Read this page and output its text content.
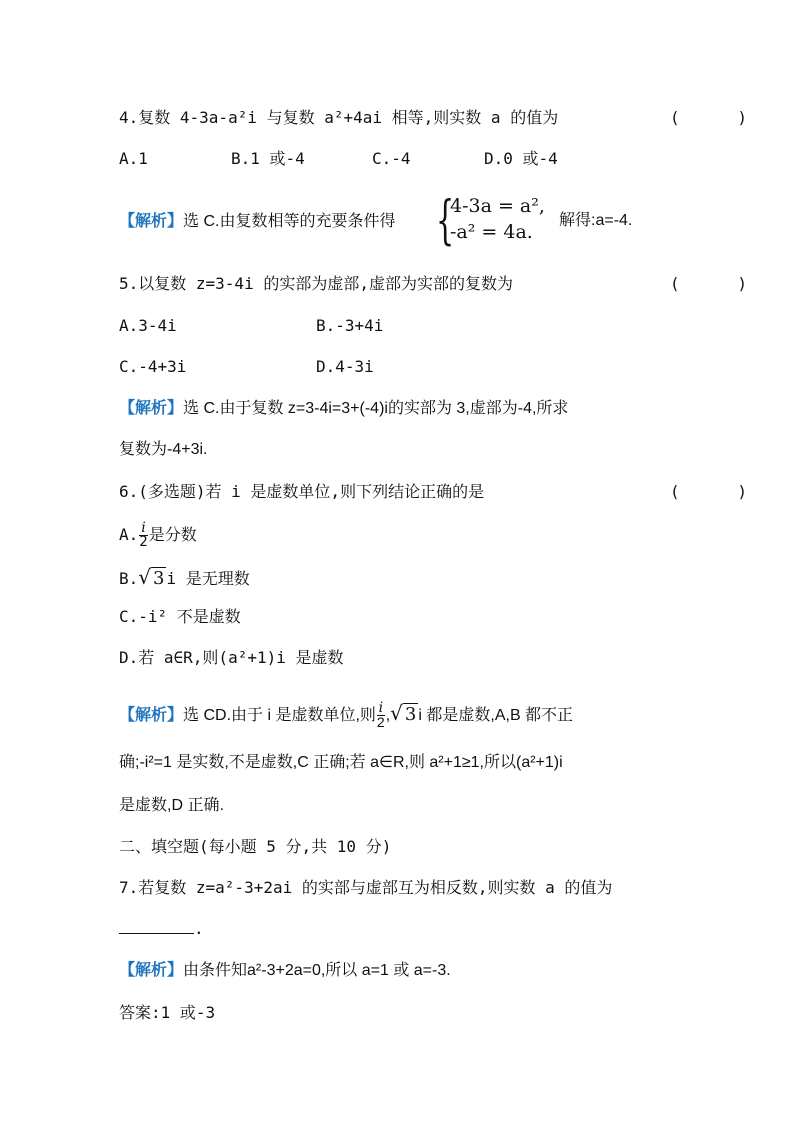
4.复数 4-3a-a²i 与复数 a²+4ai 相等,则实数 a 的值为	(      )
A.1	B.1 或-4	C.-4	D.0 或-4
【解析】选 C.由复数相等的充要条件得 {
4-3a = a²,
-a² = 4a.
解得:a=-4.
5.以复数 z=3-4i 的实部为虚部,虚部为实部的复数为	(      )
A.3-4i	B.-3+4i
C.-4+3i	D.4-3i
【解析】选 C.由于复数 z=3-4i=3+(-4)i的实部为 3,虚部为-4,所求
复数为-4+3i.
6.(多选题)若 i 是虚数单位,则下列结论正确的是	(      )
A. $\frac{i}{2}$ 是分数
B.√ 3 i 是无理数
C.-i² 不是虚数
D.若 a∈R,则(a²+1)i 是虚数
【解析】选 CD.由于 i 是虚数单位,则 $\frac{i}{2}$ ,√ 3 i 都是虚数,A,B 都不正
确;-i²=1 是实数,不是虚数,C 正确;若 a∈R,则 a²+1≥1,所以(a²+1)i
是虚数,D 正确.
二、填空题(每小题 5 分,共 10 分)
7.若复数 z=a²-3+2ai 的实部与虚部互为相反数,则实数 a 的值为
.
【解析】由条件知a²-3+2a=0,所以 a=1 或 a=-3.
答案:1 或-3
